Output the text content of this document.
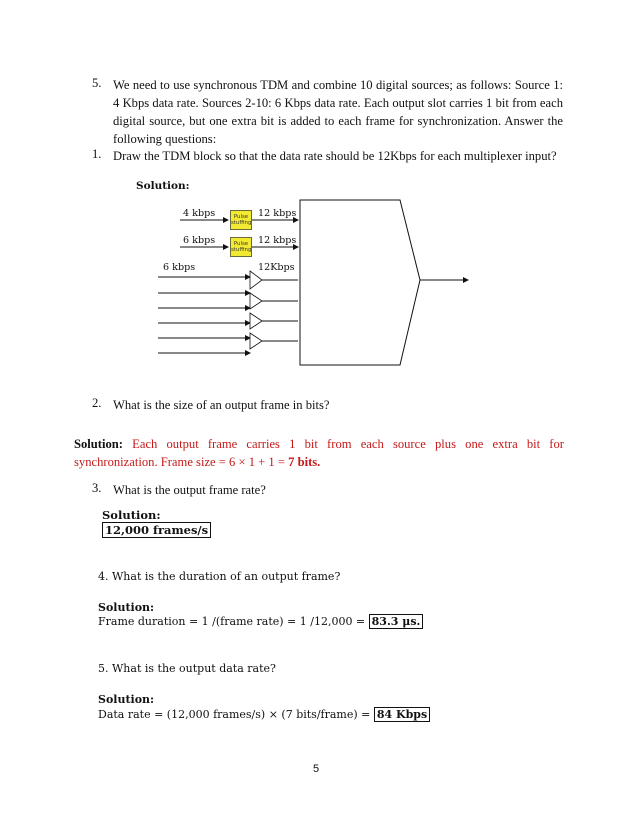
5. We need to use synchronous TDM and combine 10 digital sources; as follows: Source 1: 4 Kbps data rate. Sources 2-10: 6 Kbps data rate. Each output slot carries 1 bit from each digital source, but one extra bit is added to each frame for synchronization. Answer the following questions:
1. Draw the TDM block so that the data rate should be 12Kbps for each multiplexer input?
Solution:
4 kbps
6 kbps
6 kbps
Pulse
stuffing
Pulse
stuffing
12 kbps
12 kbps
12Kbps
2. What is the size of an output frame in bits?
Solution: Each output frame carries 1 bit from each source plus one extra bit for synchronization. Frame size = 6 × 1 + 1 = 7 bits.
3. What is the output frame rate?
Solution:
12,000 frames/s
4. What is the duration of an output frame?
Solution:
Frame duration = 1 /(frame rate) = 1 /12,000 = 83.3 μs.
5. What is the output data rate?
Solution:
Data rate = (12,000 frames/s) × (7 bits/frame) = 84 Kbps
5
